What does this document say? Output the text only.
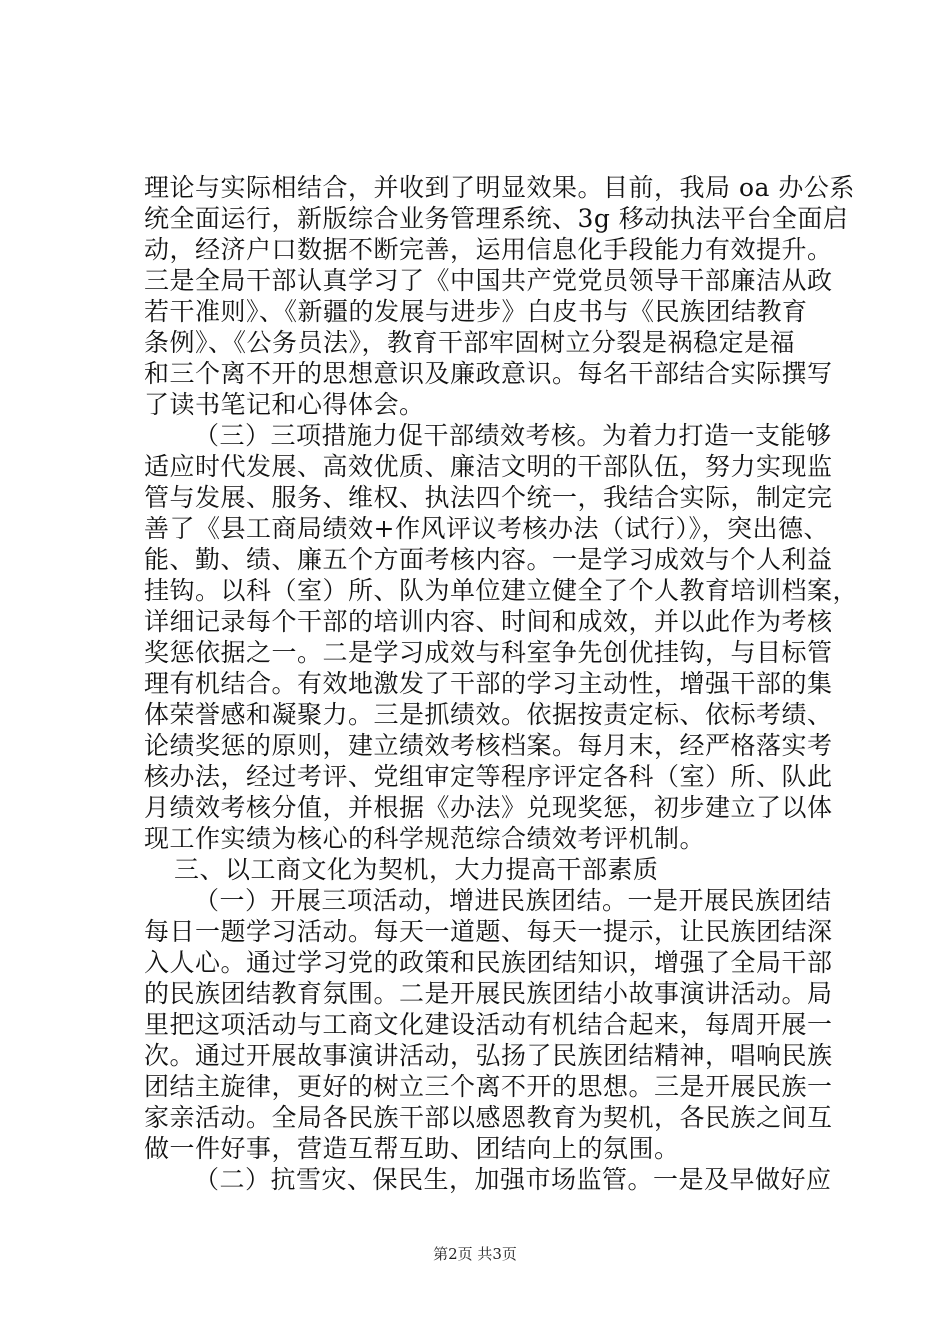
理论与实际相结合，并收到了明显效果。目前，我局 oa 办公系
统全面运行，新版综合业务管理系统、3g 移动执法平台全面启
动，经济户口数据不断完善，运用信息化手段能力有效提升。
三是全局干部认真学习了《中国共产党党员领导干部廉洁从政
若干准则》、《新疆的发展与进步》白皮书与《民族团结教育
条例》、《公务员法》，教育干部牢固树立分裂是祸稳定是福
和三个离不开的思想意识及廉政意识。每名干部结合实际撰写
了读书笔记和心得体会。
（三）三项措施力促干部绩效考核。为着力打造一支能够
适应时代发展、高效优质、廉洁文明的干部队伍，努力实现监
管与发展、服务、维权、执法四个统一，我结合实际，制定完
善了《县工商局绩效+作风评议考核办法（试行）》，突出德、
能、勤、绩、廉五个方面考核内容。一是学习成效与个人利益
挂钩。以科（室）所、队为单位建立健全了个人教育培训档案，
详细记录每个干部的培训内容、时间和成效，并以此作为考核
奖惩依据之一。二是学习成效与科室争先创优挂钩，与目标管
理有机结合。有效地激发了干部的学习主动性，增强干部的集
体荣誉感和凝聚力。三是抓绩效。依据按责定标、依标考绩、
论绩奖惩的原则，建立绩效考核档案。每月末，经严格落实考
核办法，经过考评、党组审定等程序评定各科（室）所、队此
月绩效考核分值，并根据《办法》兑现奖惩，初步建立了以体
现工作实绩为核心的科学规范综合绩效考评机制。
三、以工商文化为契机，大力提高干部素质
（一）开展三项活动，增进民族团结。一是开展民族团结
每日一题学习活动。每天一道题、每天一提示，让民族团结深
入人心。通过学习党的政策和民族团结知识，增强了全局干部
的民族团结教育氛围。二是开展民族团结小故事演讲活动。局
里把这项活动与工商文化建设活动有机结合起来，每周开展一
次。通过开展故事演讲活动，弘扬了民族团结精神，唱响民族
团结主旋律，更好的树立三个离不开的思想。三是开展民族一
家亲活动。全局各民族干部以感恩教育为契机，各民族之间互
做一件好事，营造互帮互助、团结向上的氛围。
（二）抗雪灾、保民生，加强市场监管。一是及早做好应
第2页 共3页
